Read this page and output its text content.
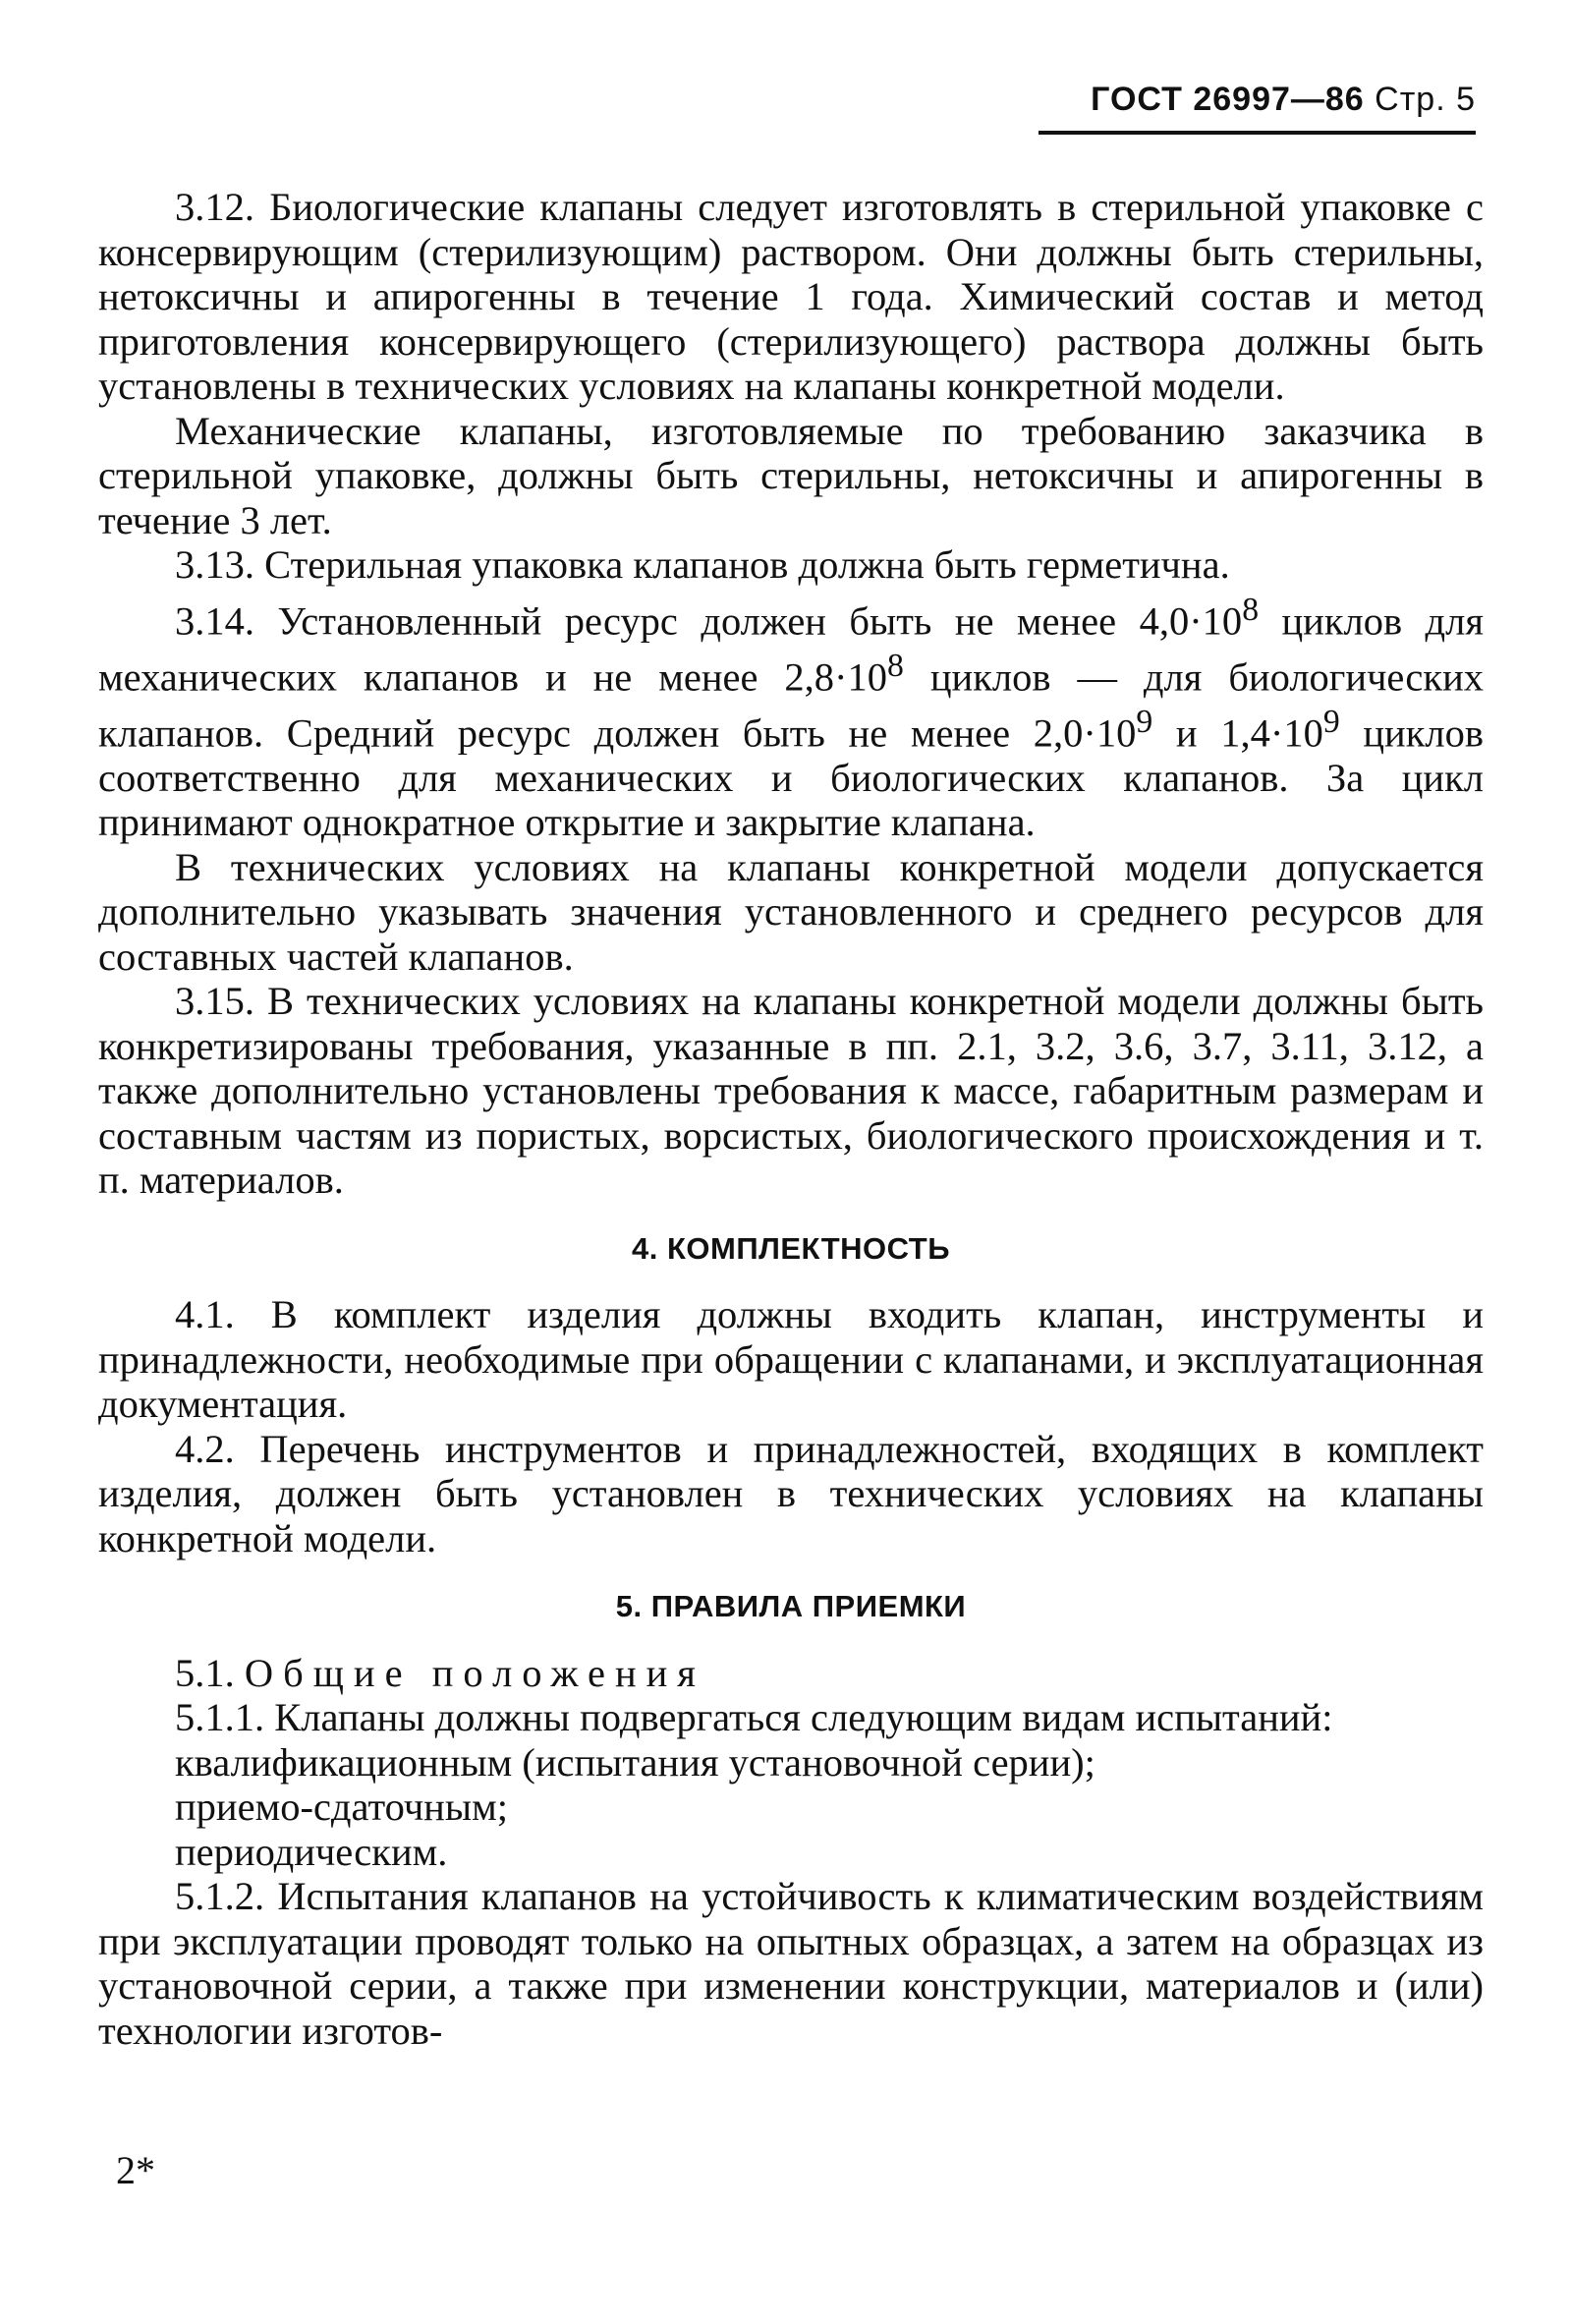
ГОСТ 26997—86 Стр. 5

3.12. Биологические клапаны следует изготовлять в стерильной упаковке с консервирующим (стерилизующим) раствором. Они должны быть стерильны, нетоксичны и апирогенны в течение 1 года. Химический состав и метод приготовления консервирующего (стерилизующего) раствора должны быть установлены в технических условиях на клапаны конкретной модели.

Механические клапаны, изготовляемые по требованию заказчика в стерильной упаковке, должны быть стерильны, нетоксичны и апирогенны в течение 3 лет.

3.13. Стерильная упаковка клапанов должна быть герметична.

3.14. Установленный ресурс должен быть не менее $4,0\cdot 10^8$ циклов для механических клапанов и не менее $2,8\cdot 10^8$ циклов — для биологических клапанов. Средний ресурс должен быть не менее $2,0\cdot 10^9$ и $1,4\cdot 10^9$ циклов соответственно для механических и биологических клапанов. За цикл принимают однократное открытие и закрытие клапана.

В технических условиях на клапаны конкретной модели допускается дополнительно указывать значения установленного и среднего ресурсов для составных частей клапанов.

3.15. В технических условиях на клапаны конкретной модели должны быть конкретизированы требования, указанные в пп. 2.1, 3.2, 3.6, 3.7, 3.11, 3.12, а также дополнительно установлены требования к массе, габаритным размерам и составным частям из пористых, ворсистых, биологического происхождения и т. п. материалов.

4. КОМПЛЕКТНОСТЬ

4.1. В комплект изделия должны входить клапан, инструменты и принадлежности, необходимые при обращении с клапанами, и эксплуатационная документация.

4.2. Перечень инструментов и принадлежностей, входящих в комплект изделия, должен быть установлен в технических условиях на клапаны конкретной модели.

5. ПРАВИЛА ПРИЕМКИ

5.1. Общие положения

5.1.1. Клапаны должны подвергаться следующим видам испытаний:

квалификационным (испытания установочной серии);

приемо-сдаточным;

периодическим.

5.1.2. Испытания клапанов на устойчивость к климатическим воздействиям при эксплуатации проводят только на опытных образцах, а затем на образцах из установочной серии, а также при изменении конструкции, материалов и (или) технологии изготов-

2*
